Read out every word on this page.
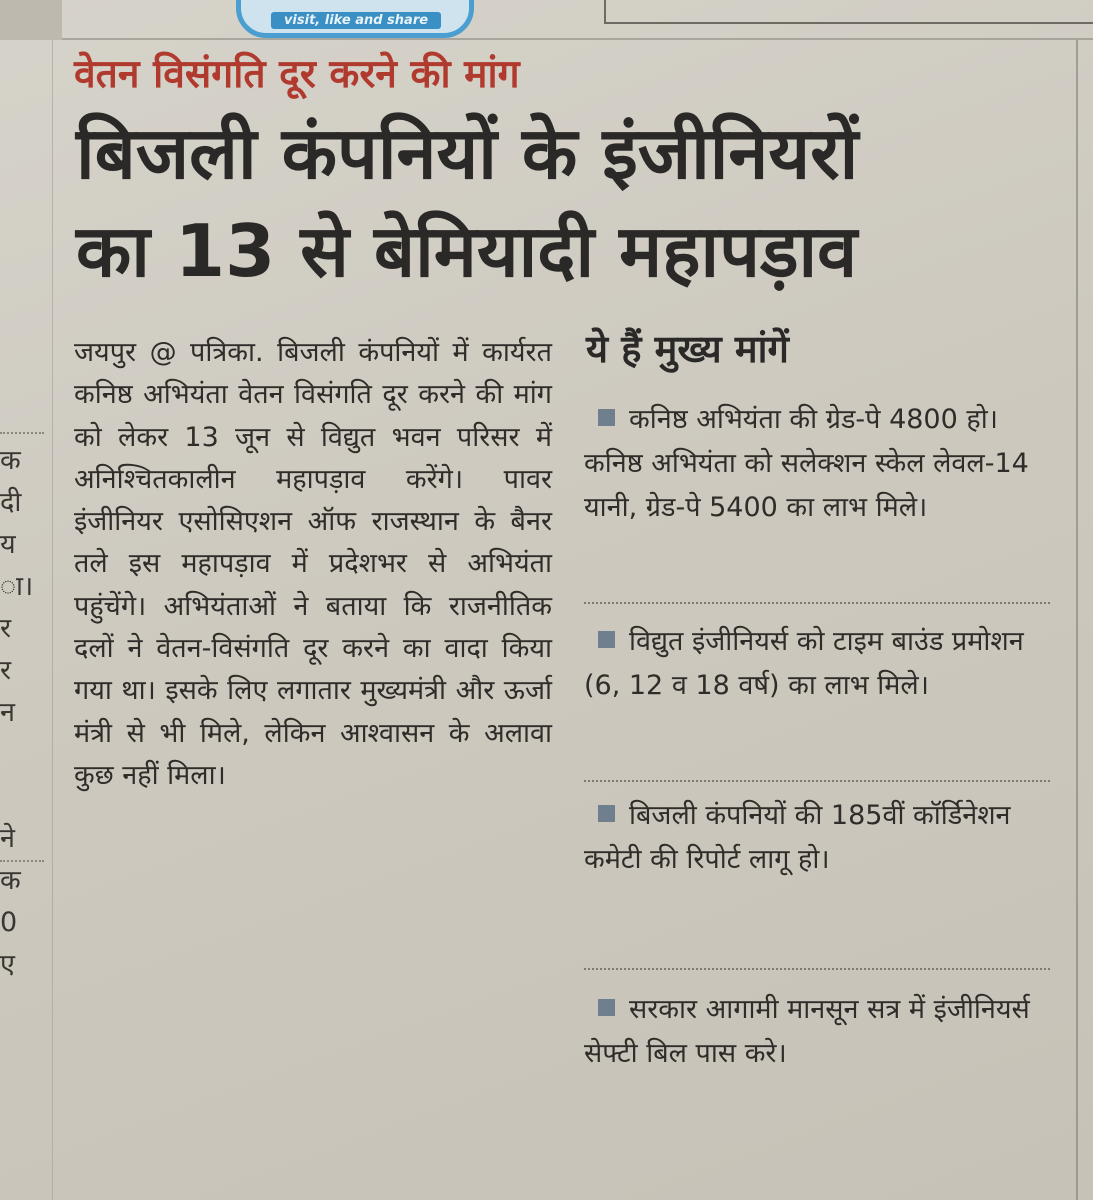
visit, like and share
क
दी
य
ा।
र
र
न
ने
क
0
ए
वेतन विसंगति दूर करने की मांग
बिजली कंपनियों के इंजीनियरों
का 13 से बेमियादी महापड़ाव
जयपुर @ पत्रिका. बिजली कंपनियों में कार्यरत कनिष्ठ अभियंता वेतन विसंगति दूर करने की मांग को लेकर 13 जून से विद्युत भवन परिसर में अनिश्चितकालीन महापड़ाव करेंगे। पावर इंजीनियर एसोसिएशन ऑफ राजस्थान के बैनर तले इस महापड़ाव में प्रदेशभर से अभियंता पहुंचेंगे। अभियंताओं ने बताया कि राजनीतिक दलों ने वेतन-विसंगति दूर करने का वादा किया गया था। इसके लिए लगातार मुख्यमंत्री और ऊर्जा मंत्री से भी मिले, लेकिन आश्वासन के अलावा कुछ नहीं मिला।
ये हैं मुख्य मांगें
कनिष्ठ अभियंता की ग्रेड-पे 4800 हो। कनिष्ठ अभियंता को सलेक्शन स्केल लेवल-14 यानी, ग्रेड-पे 5400 का लाभ मिले।
विद्युत इंजीनियर्स को टाइम बाउंड प्रमोशन (6, 12 व 18 वर्ष) का लाभ मिले।
बिजली कंपनियों की 185वीं कॉर्डिनेशन कमेटी की रिपोर्ट लागू हो।
सरकार आगामी मानसून सत्र में इंजीनियर्स सेफ्टी बिल पास करे।
